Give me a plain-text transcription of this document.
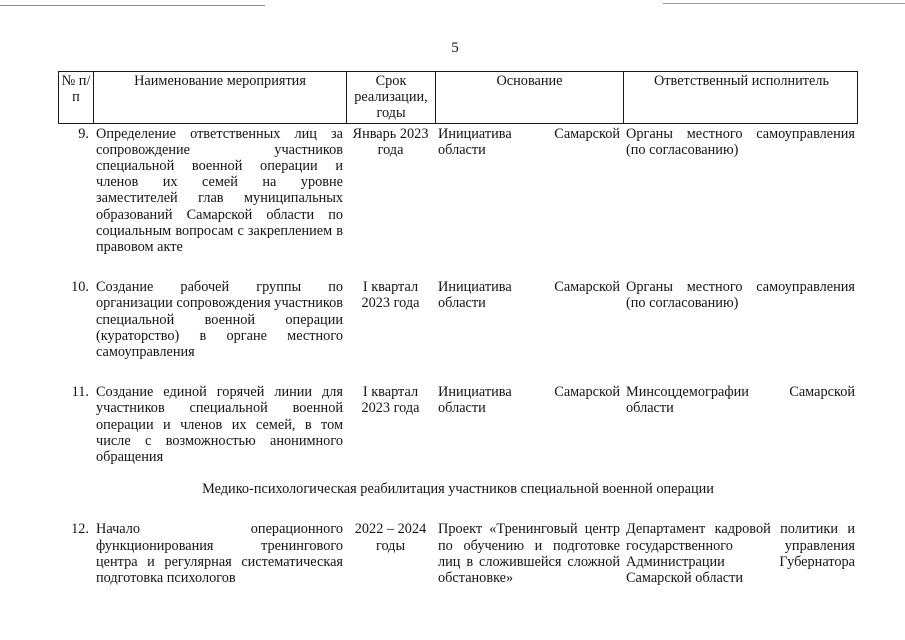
5
№ п/п
Наименование мероприятия	Срок реализации, годы
Основание	Ответственный исполнитель
9. Определение ответственных лиц за сопровождение участников специальной военной операции и членов их семей на уровне заместителей глав муниципальных образований Самарской области по социальным вопросам с закреплением в правовом акте
Январь 2023 года
Инициатива Самарской области
Органы местного самоуправления (по согласованию)
10. Создание рабочей группы по организации сопровождения участников специальной военной операции (кураторство) в органе местного самоуправления
I квартал 2023 года
Инициатива Самарской области
Органы местного самоуправления (по согласованию)
11. Создание единой горячей линии для участников специальной военной операции и членов их семей, в том числе с возможностью анонимного обращения
I квартал 2023 года
Инициатива Самарской области
Минсоцдемографии Самарской области
Медико-психологическая реабилитация участников специальной военной операции
12. Начало операционного функционирования тренингового центра и регулярная систематическая подготовка психологов
2022 – 2024 годы
Проект «Тренинговый центр по обучению и подготовке лиц в сложившейся сложной обстановке»
Департамент кадровой политики и государственного управления Администрации Губернатора Самарской области
